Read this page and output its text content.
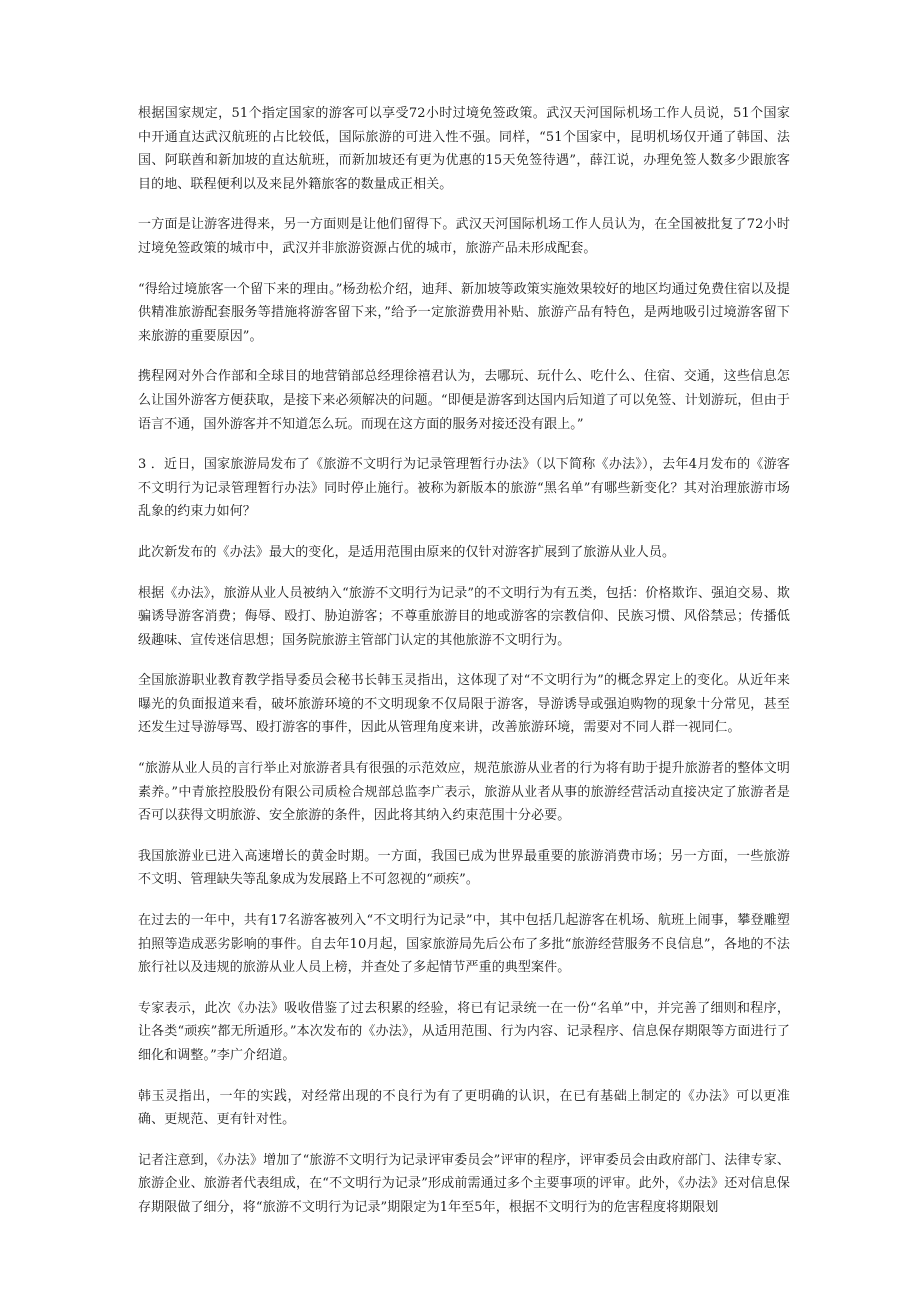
根据国家规定，51个指定国家的游客可以享受72小时过境免签政策。武汉天河国际机场工作人员说，51个国家中开通直达武汉航班的占比较低，国际旅游的可进入性不强。同样，“51个国家中，昆明机场仅开通了韩国、法国、阿联酋和新加坡的直达航班，而新加坡还有更为优惠的15天免签待遇”，薛江说，办理免签人数多少跟旅客目的地、联程便利以及来昆外籍旅客的数量成正相关。

一方面是让游客进得来，另一方面则是让他们留得下。武汉天河国际机场工作人员认为，在全国被批复了72小时过境免签政策的城市中，武汉并非旅游资源占优的城市，旅游产品未形成配套。

“得给过境旅客一个留下来的理由。”杨劲松介绍，迪拜、新加坡等政策实施效果较好的地区均通过免费住宿以及提供精准旅游配套服务等措施将游客留下来，”给予一定旅游费用补贴、旅游产品有特色，是两地吸引过境游客留下来旅游的重要原因”。

携程网对外合作部和全球目的地营销部总经理徐禧君认为，去哪玩、玩什么、吃什么、住宿、交通，这些信息怎么让国外游客方便获取，是接下来必须解决的问题。“即便是游客到达国内后知道了可以免签、计划游玩，但由于语言不通，国外游客并不知道怎么玩。而现在这方面的服务对接还没有跟上。”

3 ．近日，国家旅游局发布了《旅游不文明行为记录管理暂行办法》（以下简称《办法》），去年4月发布的《游客不文明行为记录管理暂行办法》同时停止施行。被称为新版本的旅游“黑名单”有哪些新变化？其对治理旅游市场乱象的约束力如何？

此次新发布的《办法》最大的变化，是适用范围由原来的仅针对游客扩展到了旅游从业人员。

根据《办法》，旅游从业人员被纳入“旅游不文明行为记录”的不文明行为有五类，包括：价格欺诈、强迫交易、欺骗诱导游客消费；侮辱、殴打、胁迫游客；不尊重旅游目的地或游客的宗教信仰、民族习惯、风俗禁忌；传播低级趣味、宣传迷信思想；国务院旅游主管部门认定的其他旅游不文明行为。

全国旅游职业教育教学指导委员会秘书长韩玉灵指出，这体现了对“不文明行为”的概念界定上的变化。从近年来曝光的负面报道来看，破坏旅游环境的不文明现象不仅局限于游客，导游诱导或强迫购物的现象十分常见，甚至还发生过导游辱骂、殴打游客的事件，因此从管理角度来讲，改善旅游环境，需要对不同人群一视同仁。

“旅游从业人员的言行举止对旅游者具有很强的示范效应，规范旅游从业者的行为将有助于提升旅游者的整体文明素养。”中青旅控股股份有限公司质检合规部总监李广表示，旅游从业者从事的旅游经营活动直接决定了旅游者是否可以获得文明旅游、安全旅游的条件，因此将其纳入约束范围十分必要。

我国旅游业已进入高速增长的黄金时期。一方面，我国已成为世界最重要的旅游消费市场；另一方面，一些旅游不文明、管理缺失等乱象成为发展路上不可忽视的“顽疾”。

在过去的一年中，共有17名游客被列入“不文明行为记录”中，其中包括几起游客在机场、航班上闹事，攀登雕塑拍照等造成恶劣影响的事件。自去年10月起，国家旅游局先后公布了多批“旅游经营服务不良信息”，各地的不法旅行社以及违规的旅游从业人员上榜，并查处了多起情节严重的典型案件。

专家表示，此次《办法》吸收借鉴了过去积累的经验，将已有记录统一在一份“名单”中，并完善了细则和程序，让各类“顽疾”都无所遁形。”本次发布的《办法》，从适用范围、行为内容、记录程序、信息保存期限等方面进行了细化和调整。”李广介绍道。

韩玉灵指出，一年的实践，对经常出现的不良行为有了更明确的认识，在已有基础上制定的《办法》可以更准确、更规范、更有针对性。

记者注意到，《办法》增加了“旅游不文明行为记录评审委员会”评审的程序，评审委员会由政府部门、法律专家、旅游企业、旅游者代表组成，在“不文明行为记录”形成前需通过多个主要事项的评审。此外，《办法》还对信息保存期限做了细分，将“旅游不文明行为记录”期限定为1年至5年，根据不文明行为的危害程度将期限划
